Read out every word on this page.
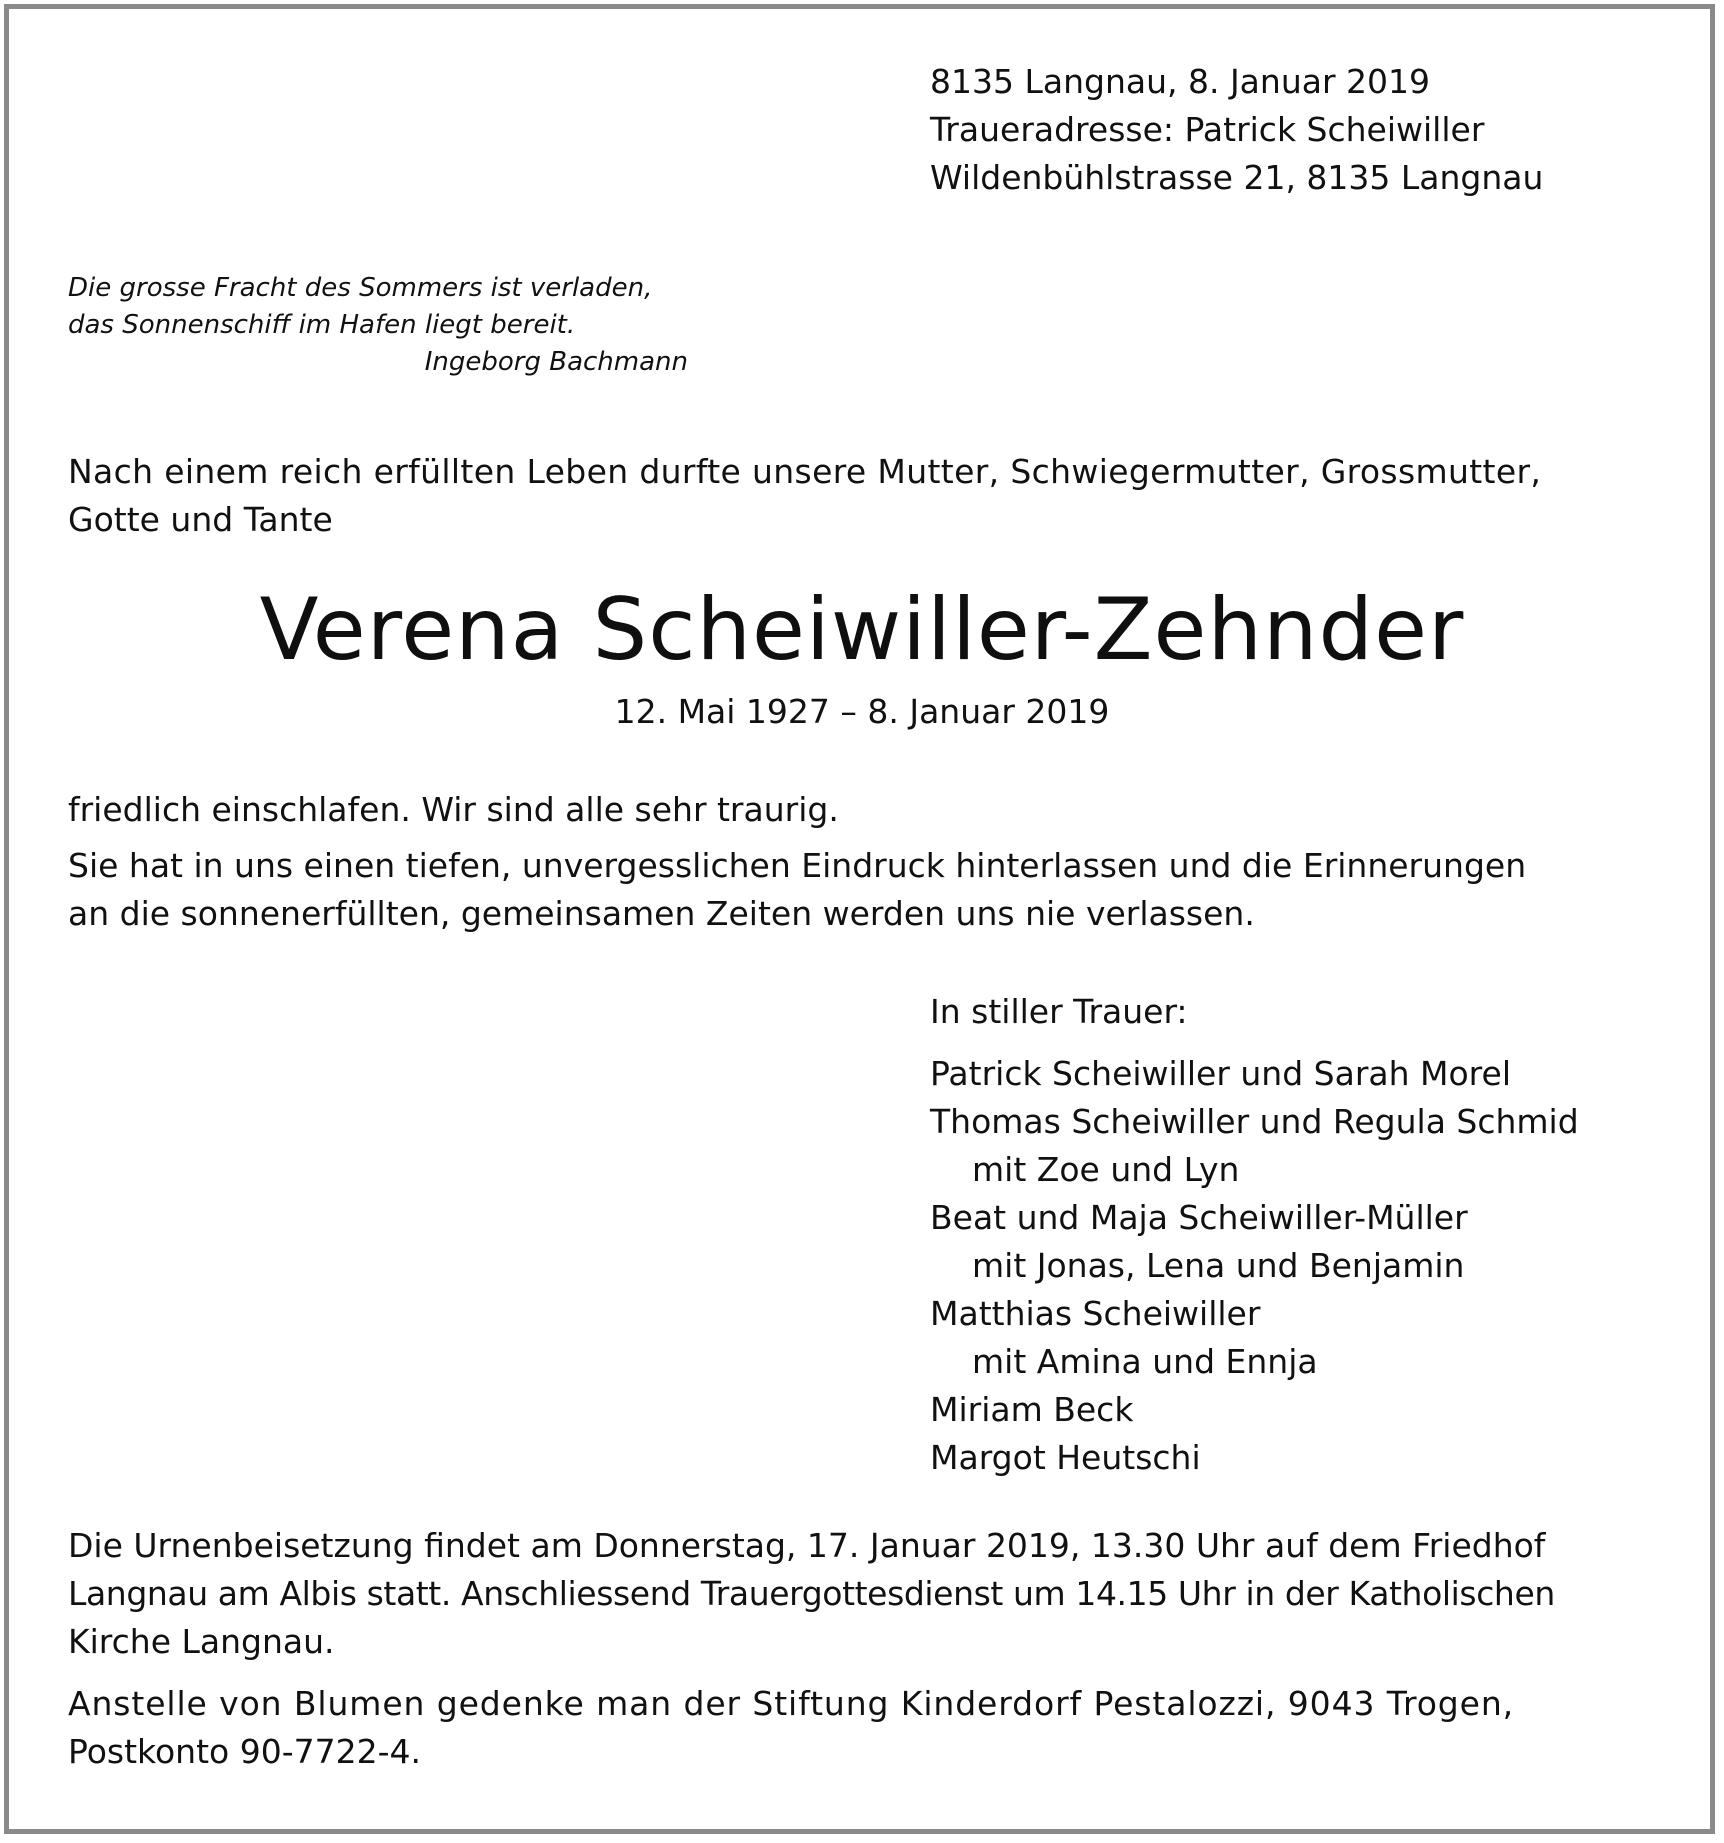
8135 Langnau, 8. Januar 2019
Traueradresse: Patrick Scheiwiller
Wildenbühlstrasse 21, 8135 Langnau
Die grosse Fracht des Sommers ist verladen,
das Sonnenschiff im Hafen liegt bereit.
Ingeborg Bachmann
Nach einem reich erfüllten Leben durfte unsere Mutter, Schwiegermutter, Grossmutter,
Gotte und Tante
Verena Scheiwiller-Zehnder
12. Mai 1927 – 8. Januar 2019
friedlich einschlafen. Wir sind alle sehr traurig.
Sie hat in uns einen tiefen, unvergesslichen Eindruck hinterlassen und die Erinnerungen
an die sonnenerfüllten, gemeinsamen Zeiten werden uns nie verlassen.
In stiller Trauer:
Patrick Scheiwiller und Sarah Morel
Thomas Scheiwiller und Regula Schmid
mit Zoe und Lyn
Beat und Maja Scheiwiller-Müller
mit Jonas, Lena und Benjamin
Matthias Scheiwiller
mit Amina und Ennja
Miriam Beck
Margot Heutschi
Die Urnenbeisetzung findet am Donnerstag, 17. Januar 2019, 13.30 Uhr auf dem Friedhof
Langnau am Albis statt. Anschliessend Trauergottesdienst um 14.15 Uhr in der Katholischen
Kirche Langnau.
Anstelle von Blumen gedenke man der Stiftung Kinderdorf Pestalozzi, 9043 Trogen,
Postkonto 90-7722-4.
